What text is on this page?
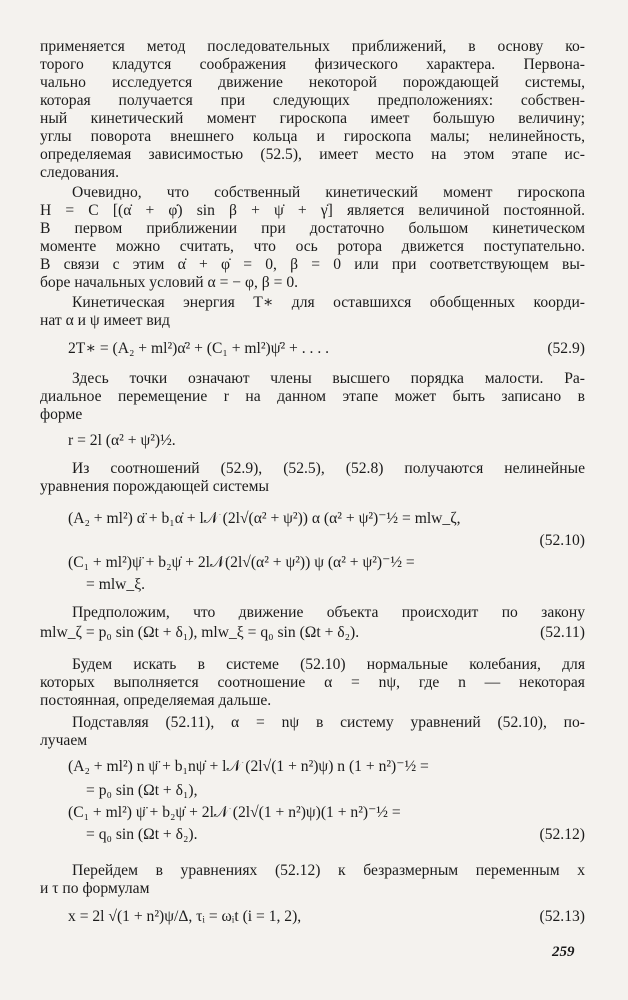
применяется метод последовательных приближений, в основу ко-
торого кладутся соображения физического характера. Первона-
чально исследуется движение некоторой порождающей системы,
которая получается при следующих предположениях: собствен-
ный кинетический момент гироскопа имеет большую величину;
углы поворота внешнего кольца и гироскопа малы; нелинейность,
определяемая зависимостью (52.5), имеет место на этом этапе ис-
следования.
Очевидно, что собственный кинетический момент гироскопа
H = C [(α̇ + φ̇) sin β + ψ̇ + γ̇] является величиной постоянной.
В первом приближении при достаточно большом кинетическом
моменте можно считать, что ось ротора движется поступательно.
В связи с этим α̇ + φ̇ = 0, β = 0 или при соответствующем вы-
боре начальных условий α = − φ, β = 0.
Кинетическая энергия T∗ для оставшихся обобщенных коорди-
нат α и ψ имеет вид
2T∗ = (A₂ + ml²)α̇² + (C₁ + ml²)ψ̇² + . . . .	(52.9)
Здесь точки означают члены высшего порядка малости. Ра-
диальное перемещение r на данном этапе может быть записано в
форме
r = 2l (α² + ψ²)½.
Из соотношений (52.9), (52.5), (52.8) получаются нелинейные
уравнения порождающей системы
(A₂ + ml²) α̈ + b₁α̇ + l𝒩 (2l√(α² + ψ²)) α (α² + ψ²)⁻½ = mlw_ζ,
(52.10)
(C₁ + ml²)ψ̈ + b₂ψ̇ + 2l𝒩(2l√(α² + ψ²)) ψ (α² + ψ²)⁻½ =
= mlw_ξ.
Предположим, что движение объекта происходит по закону
mlw_ζ = p₀ sin (Ωt + δ₁), mlw_ξ = q₀ sin (Ωt + δ₂).	(52.11)
Будем искать в системе (52.10) нормальные колебания, для
которых выполняется соотношение α = nψ, где n — некоторая
постоянная, определяемая дальше.
Подставляя (52.11), α = nψ в систему уравнений (52.10), по-
лучаем
(A₂ + ml²) n ψ̈ + b₁nψ̇ + l𝒩 (2l√(1 + n²)ψ) n (1 + n²)⁻½ =
= p₀ sin (Ωt + δ₁),
(C₁ + ml²) ψ̈ + b₂ψ̇ + 2l𝒩 (2l√(1 + n²)ψ)(1 + n²)⁻½ =
= q₀ sin (Ωt + δ₂).	(52.12)
Перейдем в уравнениях (52.12) к безразмерным переменным x
и τ по формулам
x = 2l √(1 + n²)ψ/Δ, τᵢ = ωᵢt (i = 1, 2),	(52.13)
259
